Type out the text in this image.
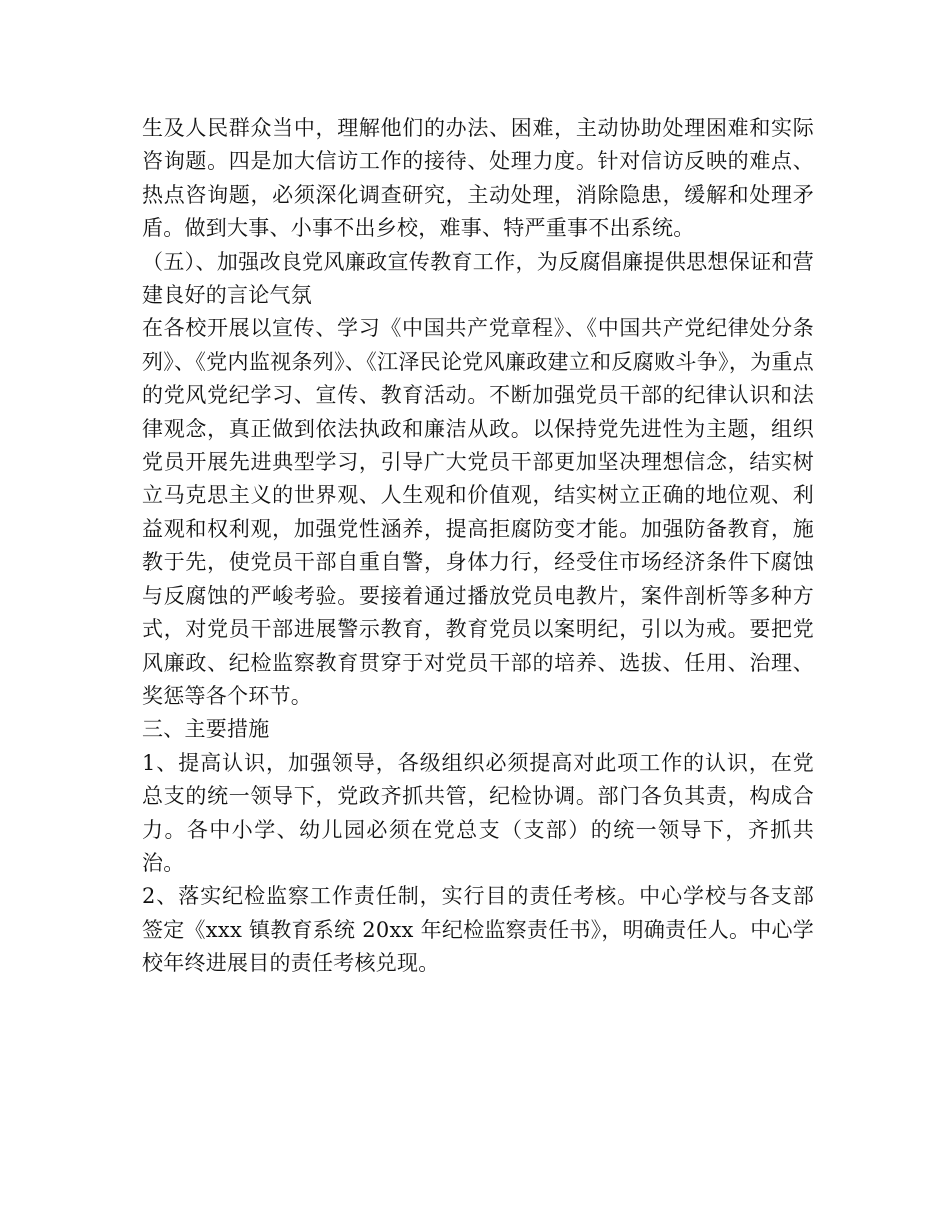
生及人民群众当中，理解他们的办法、困难，主动协助处理困难和实际咨询题。四是加大信访工作的接待、处理力度。针对信访反映的难点、热点咨询题，必须深化调查研究，主动处理，消除隐患，缓解和处理矛盾。做到大事、小事不出乡校，难事、特严重事不出系统。

（五）、加强改良党风廉政宣传教育工作，为反腐倡廉提供思想保证和营建良好的言论气氛

在各校开展以宣传、学习《中国共产党章程》、《中国共产党纪律处分条列》、《党内监视条列》、《江泽民论党风廉政建立和反腐败斗争》，为重点的党风党纪学习、宣传、教育活动。不断加强党员干部的纪律认识和法律观念，真正做到依法执政和廉洁从政。以保持党先进性为主题，组织党员开展先进典型学习，引导广大党员干部更加坚决理想信念，结实树立马克思主义的世界观、人生观和价值观，结实树立正确的地位观、利益观和权利观，加强党性涵养，提高拒腐防变才能。加强防备教育，施教于先，使党员干部自重自警，身体力行，经受住市场经济条件下腐蚀与反腐蚀的严峻考验。要接着通过播放党员电教片，案件剖析等多种方式，对党员干部进展警示教育，教育党员以案明纪，引以为戒。要把党风廉政、纪检监察教育贯穿于对党员干部的培养、选拔、任用、治理、奖惩等各个环节。

三、主要措施

1、提高认识，加强领导，各级组织必须提高对此项工作的认识，在党总支的统一领导下，党政齐抓共管，纪检协调。部门各负其责，构成合力。各中小学、幼儿园必须在党总支（支部）的统一领导下，齐抓共治。

2、落实纪检监察工作责任制，实行目的责任考核。中心学校与各支部签定《xxx 镇教育系统 20xx 年纪检监察责任书》，明确责任人。中心学校年终进展目的责任考核兑现。
